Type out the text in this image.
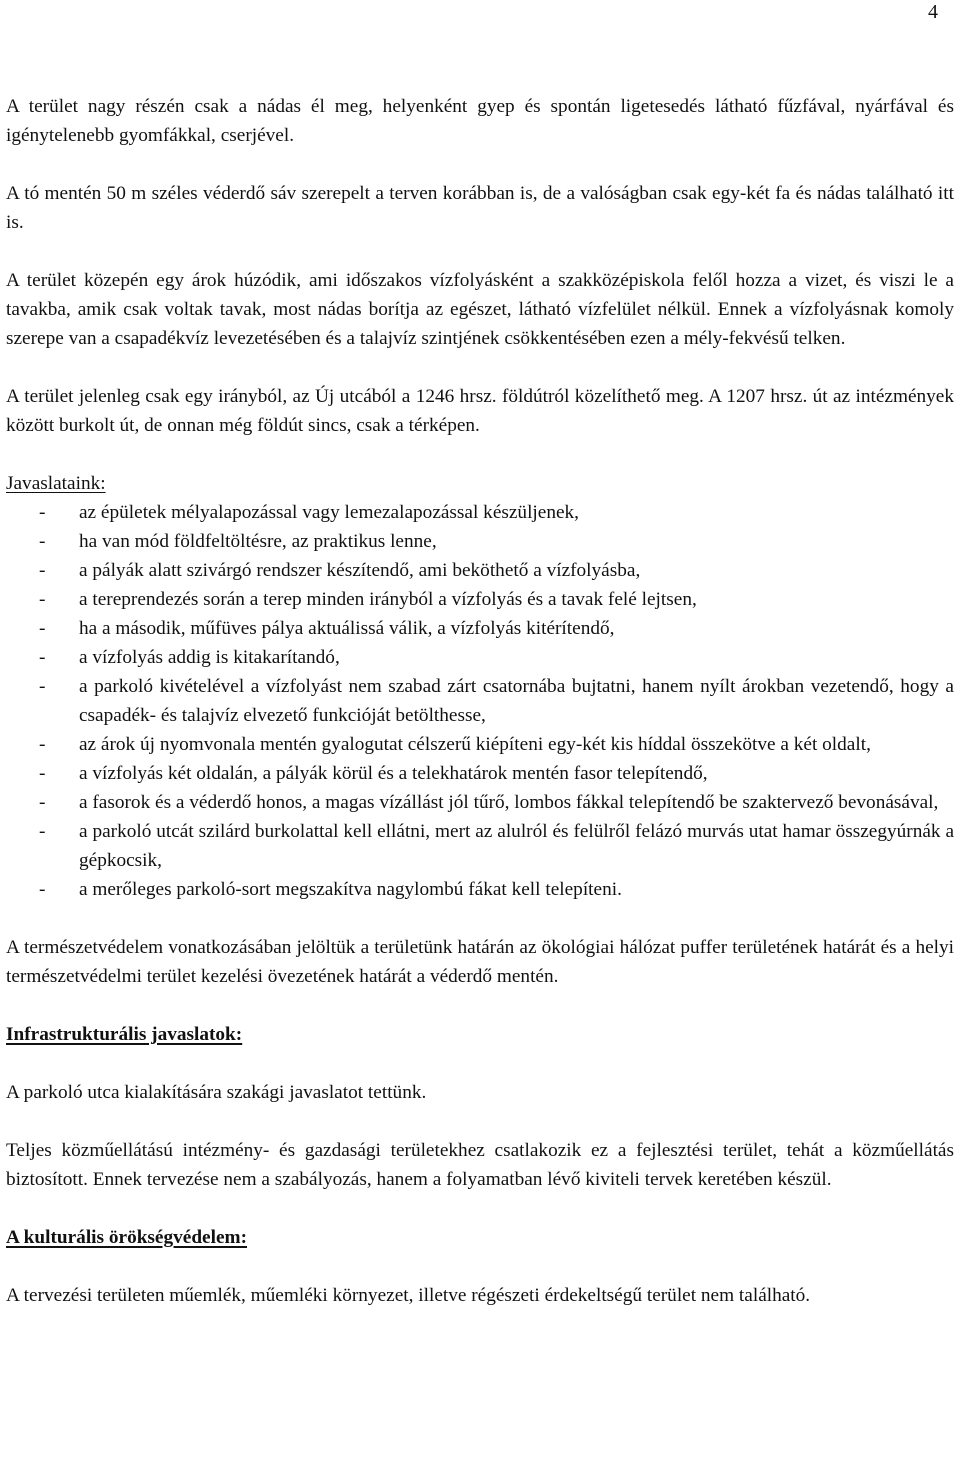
4

A terület nagy részén csak a nádas él meg, helyenként gyep és spontán ligetesedés látható fűzfával, nyárfával és igénytelenebb gyomfákkal, cserjével.

A tó mentén 50 m széles véderdő sáv szerepelt a terven korábban is, de a valóságban csak egy-két fa és nádas található itt is.

A terület közepén egy árok húzódik, ami időszakos vízfolyásként a szakközépiskola felől hozza a vizet, és viszi le a tavakba, amik csak voltak tavak, most nádas borítja az egészet, látható vízfelület nélkül. Ennek a vízfolyásnak komoly szerepe van a csapadékvíz levezetésében és a talajvíz szintjének csökkentésében ezen a mély-fekvésű telken.

A terület jelenleg csak egy irányból, az Új utcából a 1246 hrsz. földútról közelíthető meg. A 1207 hrsz. út az intézmények között burkolt út, de onnan még földút sincs, csak a térképen.

Javaslataink:

- az épületek mélyalapozással vagy lemezalapozással készüljenek,
- ha van mód földfeltöltésre, az praktikus lenne,
- a pályák alatt szivárgó rendszer készítendő, ami beköthető a vízfolyásba,
- a tereprendezés során a terep minden irányból a vízfolyás és a tavak felé lejtsen,
- ha a második, műfüves pálya aktuálissá válik, a vízfolyás kitérítendő,
- a vízfolyás addig is kitakarítandó,
- a parkoló kivételével a vízfolyást nem szabad zárt csatornába bujtatni, hanem nyílt árokban vezetendő, hogy a csapadék- és talajvíz elvezető funkcióját betölthesse,
- az árok új nyomvonala mentén gyalogutat célszerű kiépíteni egy-két kis híddal összekötve a két oldalt,
- a vízfolyás két oldalán, a pályák körül és a telekhatárok mentén fasor telepítendő,
- a fasorok és a véderdő honos, a magas vízállást jól tűrő, lombos fákkal telepítendő be szaktervező bevonásával,
- a parkoló utcát szilárd burkolattal kell ellátni, mert az alulról és felülről felázó murvás utat hamar összegyúrnák a gépkocsik,
- a merőleges parkoló-sort megszakítva nagylombú fákat kell telepíteni.

A természetvédelem vonatkozásában jelöltük a területünk határán az ökológiai hálózat puffer területének határát és a helyi természetvédelmi terület kezelési övezetének határát a véderdő mentén.

Infrastrukturális javaslatok:

A parkoló utca kialakítására szakági javaslatot tettünk.

Teljes közműellátású intézmény- és gazdasági területekhez csatlakozik ez a fejlesztési terület, tehát a közműellátás biztosított. Ennek tervezése nem a szabályozás, hanem a folyamatban lévő kiviteli tervek keretében készül.

A kulturális örökségvédelem:

A tervezési területen műemlék, műemléki környezet, illetve régészeti érdekeltségű terület nem található.
